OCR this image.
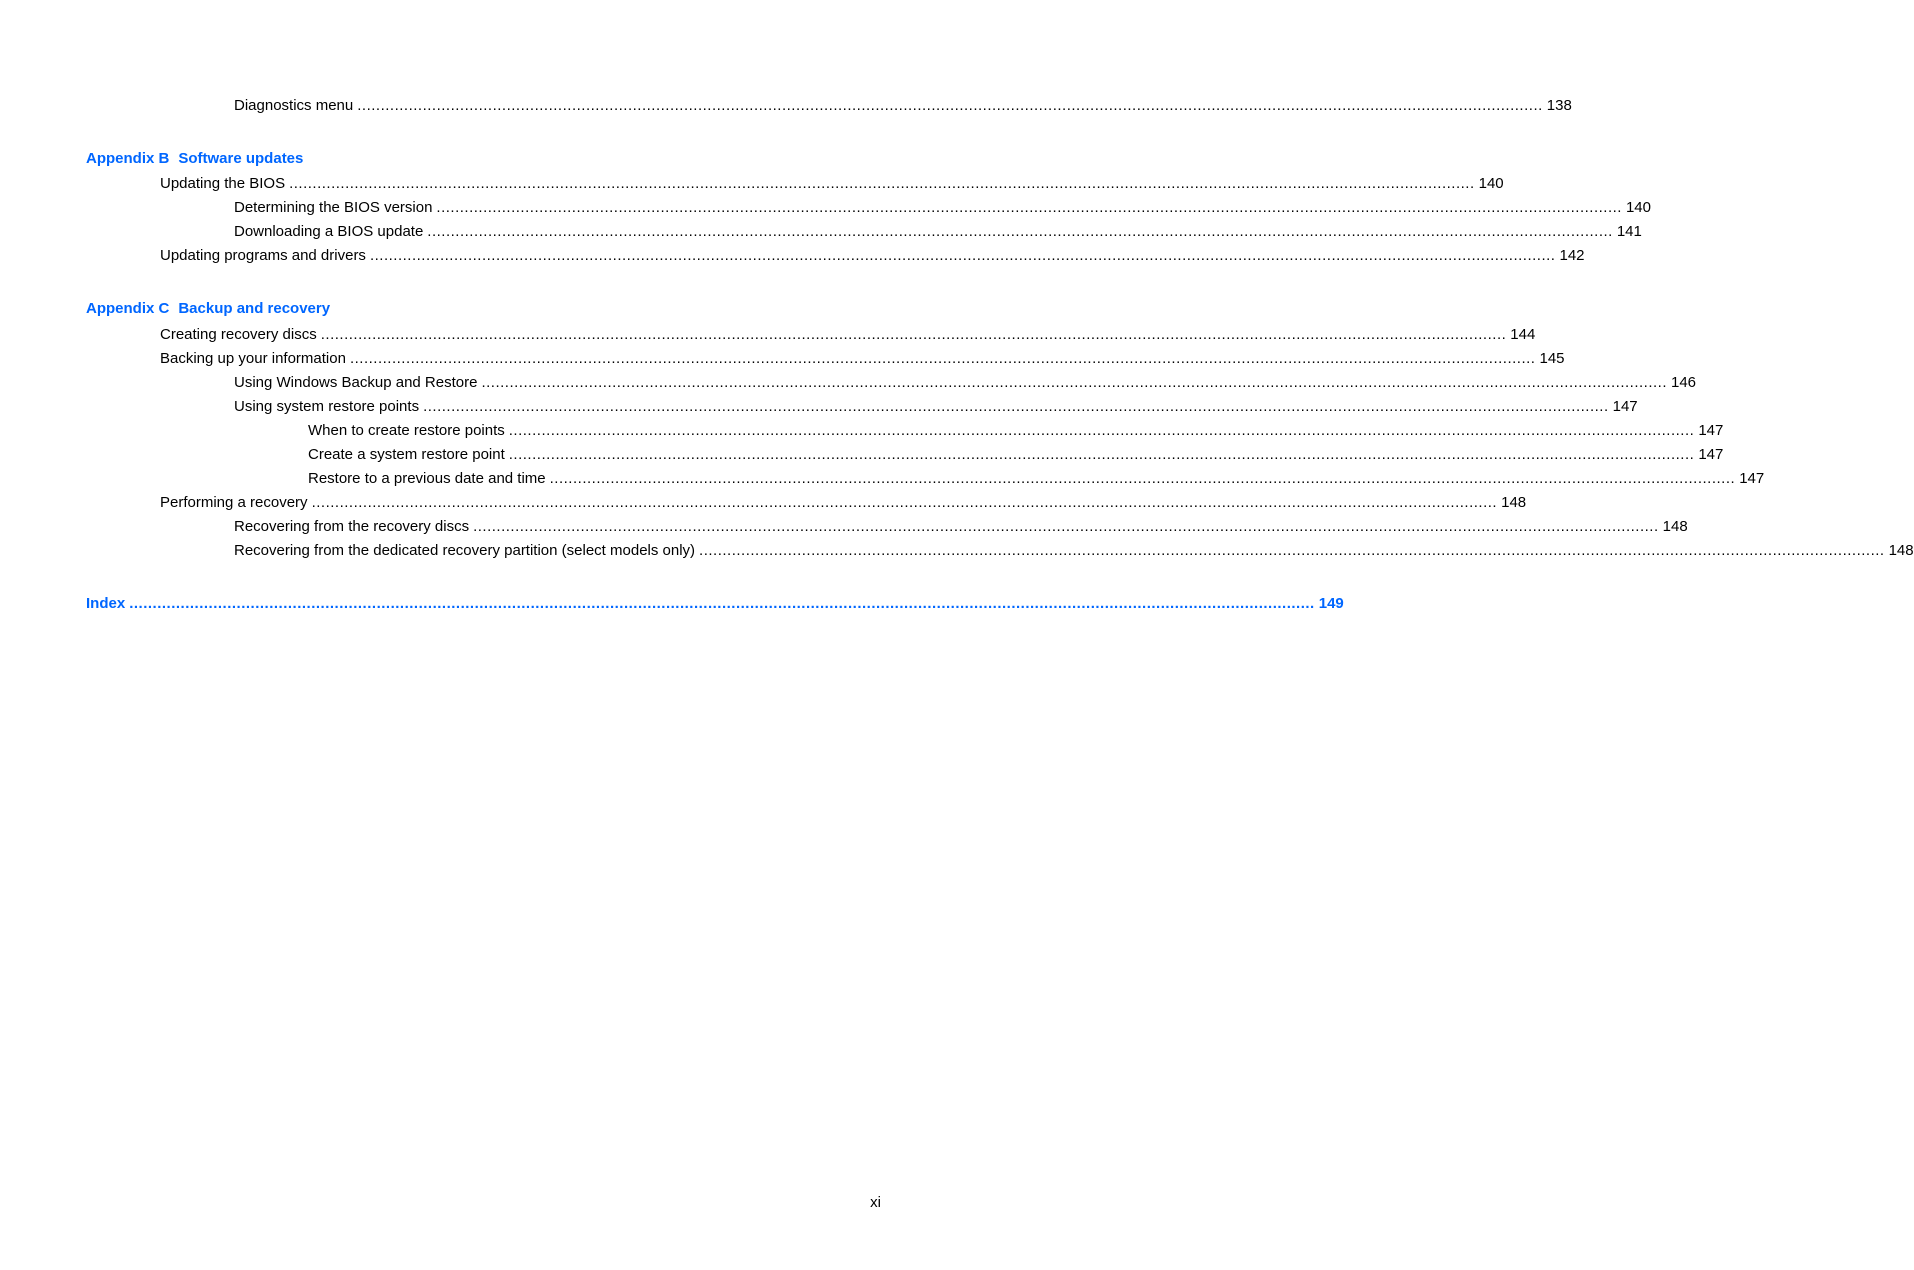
Diagnostics menu .............................................................................................................................................................................................................................................................. 138
Appendix B Software updates
Updating the BIOS .............................................................................................................................................................................................................................................................. 140
Determining the BIOS version .............................................................................................................................................................................................................................................................. 140
Downloading a BIOS update .............................................................................................................................................................................................................................................................. 141
Updating programs and drivers .............................................................................................................................................................................................................................................................. 142
Appendix C Backup and recovery
Creating recovery discs .............................................................................................................................................................................................................................................................. 144
Backing up your information .............................................................................................................................................................................................................................................................. 145
Using Windows Backup and Restore .............................................................................................................................................................................................................................................................. 146
Using system restore points .............................................................................................................................................................................................................................................................. 147
When to create restore points .............................................................................................................................................................................................................................................................. 147
Create a system restore point .............................................................................................................................................................................................................................................................. 147
Restore to a previous date and time .............................................................................................................................................................................................................................................................. 147
Performing a recovery .............................................................................................................................................................................................................................................................. 148
Recovering from the recovery discs .............................................................................................................................................................................................................................................................. 148
Recovering from the dedicated recovery partition (select models only) .............................................................................................................................................................................................................................................................. 148
Index .............................................................................................................................................................................................................................................................. 149
xi
